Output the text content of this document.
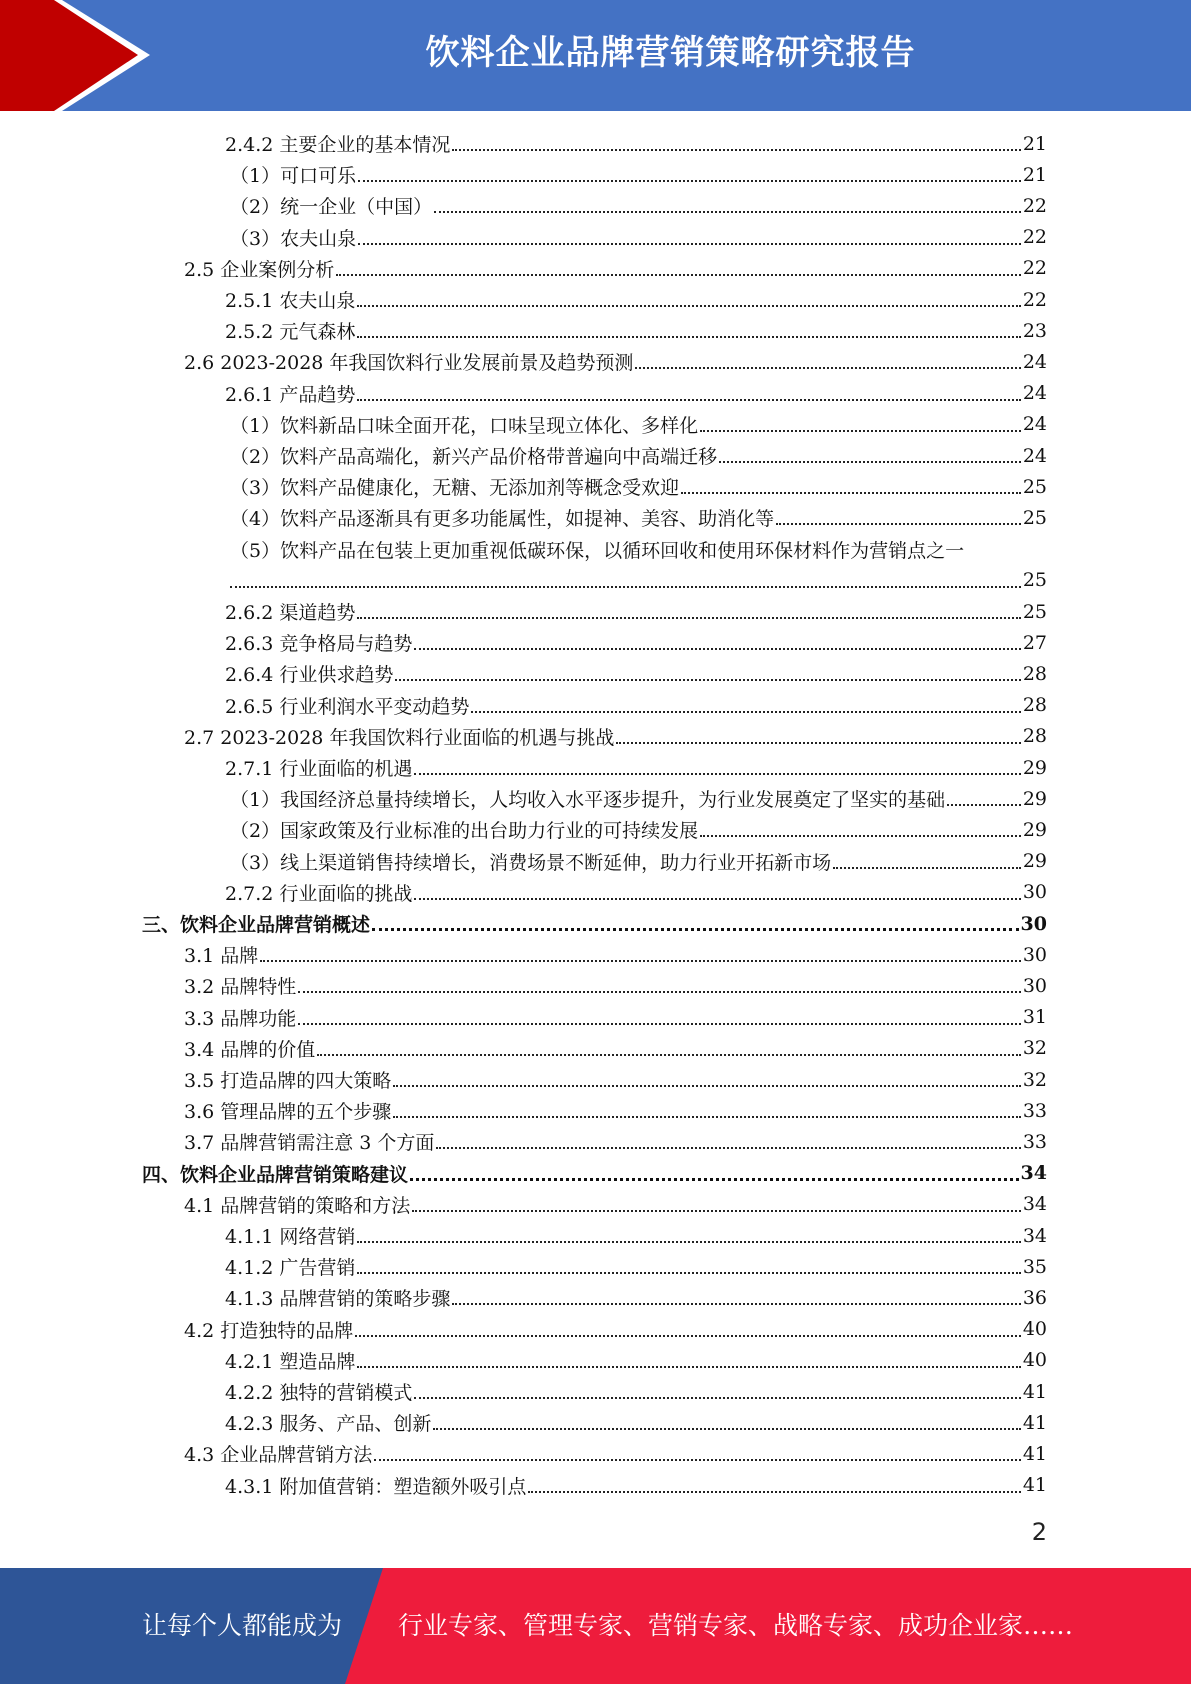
饮料企业品牌营销策略研究报告
2.4.2 主要企业的基本情况	21
（1）可口可乐	21
（2）统一企业（中国）	22
（3）农夫山泉	22
2.5 企业案例分析	22
2.5.1 农夫山泉	22
2.5.2 元气森林	23
2.6 2023-2028 年我国饮料行业发展前景及趋势预测	24
2.6.1 产品趋势	24
（1）饮料新品口味全面开花，口味呈现立体化、多样化	24
（2）饮料产品高端化，新兴产品价格带普遍向中高端迁移	24
（3）饮料产品健康化，无糖、无添加剂等概念受欢迎	25
（4）饮料产品逐渐具有更多功能属性，如提神、美容、助消化等	25
（5）饮料产品在包装上更加重视低碳环保，以循环回收和使用环保材料作为营销点之一
25
2.6.2 渠道趋势	25
2.6.3 竞争格局与趋势	27
2.6.4 行业供求趋势	28
2.6.5 行业利润水平变动趋势	28
2.7 2023-2028 年我国饮料行业面临的机遇与挑战	28
2.7.1 行业面临的机遇	29
（1）我国经济总量持续增长，人均收入水平逐步提升，为行业发展奠定了坚实的基础	29
（2）国家政策及行业标准的出台助力行业的可持续发展	29
（3）线上渠道销售持续增长，消费场景不断延伸，助力行业开拓新市场	29
2.7.2 行业面临的挑战	30
三、饮料企业品牌营销概述	30
3.1 品牌	30
3.2 品牌特性	30
3.3 品牌功能	31
3.4 品牌的价值	32
3.5 打造品牌的四大策略	32
3.6 管理品牌的五个步骤	33
3.7 品牌营销需注意 3 个方面	33
四、饮料企业品牌营销策略建议	34
4.1 品牌营销的策略和方法	34
4.1.1 网络营销	34
4.1.2 广告营销	35
4.1.3 品牌营销的策略步骤	36
4.2 打造独特的品牌	40
4.2.1 塑造品牌	40
4.2.2 独特的营销模式	41
4.2.3 服务、产品、创新	41
4.3 企业品牌营销方法	41
4.3.1 附加值营销：塑造额外吸引点	41
2
让每个人都能成为 行业专家、管理专家、营销专家、战略专家、成功企业家……
